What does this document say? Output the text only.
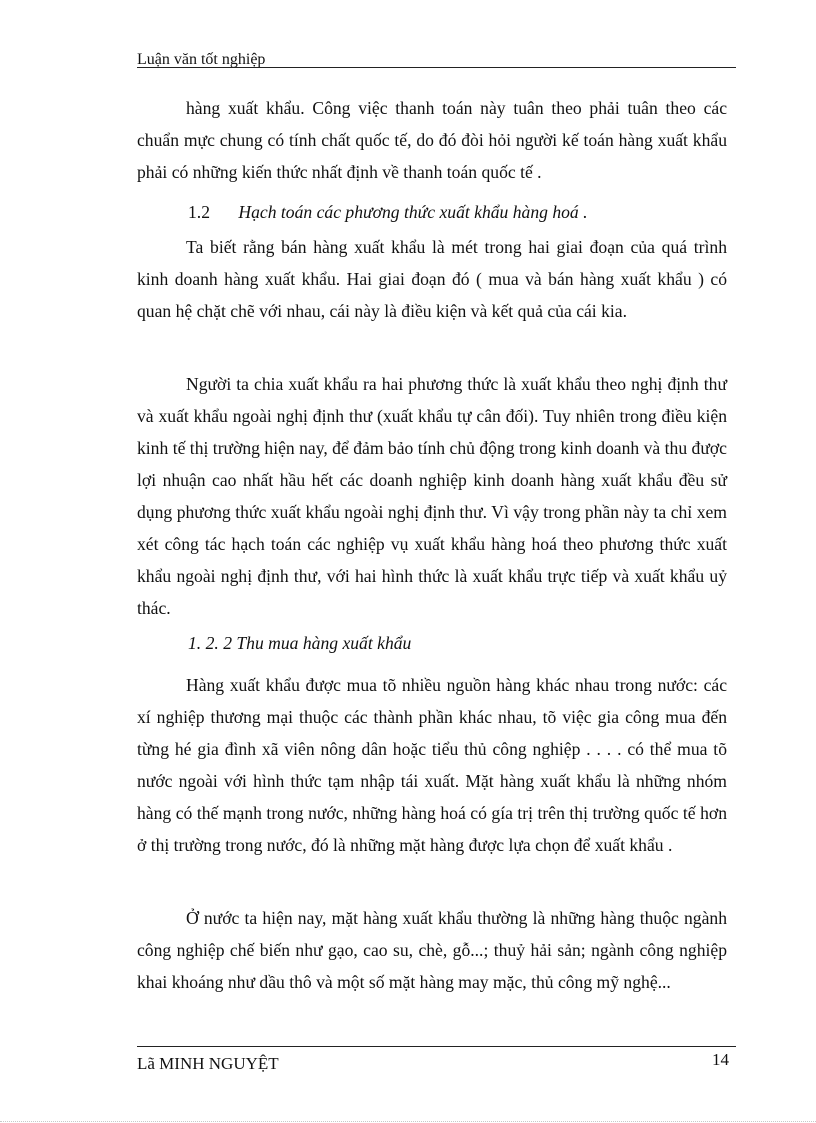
Luận văn tốt nghiệp

hàng xuất khẩu. Công việc thanh toán này tuân theo phải tuân theo các chuẩn mực chung có tính chất quốc tế, do đó đòi hỏi người kế toán hàng xuất khẩu phải có những kiến thức nhất định về thanh toán quốc tế .

1.2 Hạch toán các phương thức xuất khẩu hàng hoá .

Ta biết rằng bán hàng xuất khẩu là mét trong hai giai đoạn của quá trình kinh doanh hàng xuất khẩu. Hai giai đoạn đó ( mua và bán hàng xuất khẩu ) có quan hệ chặt chẽ với nhau, cái này là điều kiện và kết quả của cái kia.

Người ta chia xuất khẩu ra hai phương thức là xuất khẩu theo nghị định thư và xuất khẩu ngoài nghị định thư (xuất khẩu tự cân đối). Tuy nhiên trong điều kiện kinh tế thị trường hiện nay, để đảm bảo tính chủ động trong kinh doanh và thu được lợi nhuận cao nhất hầu hết các doanh nghiệp kinh doanh hàng xuất khẩu đều sử dụng phương thức xuất khẩu ngoài nghị định thư. Vì vậy trong phần này ta chỉ xem xét công tác hạch toán các nghiệp vụ xuất khẩu hàng hoá theo phương thức xuất khẩu ngoài nghị định thư, với hai hình thức là xuất khẩu trực tiếp và xuất khẩu uỷ thác.

1. 2. 2 Thu mua hàng xuất khẩu

Hàng xuất khẩu được mua tõ nhiều nguồn hàng khác nhau trong nước: các xí nghiệp thương mại thuộc các thành phần khác nhau, tõ việc gia công mua đến từng hé gia đình xã viên nông dân hoặc tiểu thủ công nghiệp . . . . có thể mua tõ nước ngoài với hình thức tạm nhập tái xuất. Mặt hàng xuất khẩu là những nhóm hàng có thế mạnh trong nước, những hàng hoá có gía trị trên thị trường quốc tế hơn ở thị trường trong nước, đó là những mặt hàng được lựa chọn để xuất khẩu .

Ở nước ta hiện nay, mặt hàng xuất khẩu thường là những hàng thuộc ngành công nghiệp chế biến như gạo, cao su, chè, gỗ...; thuỷ hải sản; ngành công nghiệp khai khoáng như dầu thô và một số mặt hàng may mặc, thủ công mỹ nghệ...

Lã MINH NGUYỆT	14
